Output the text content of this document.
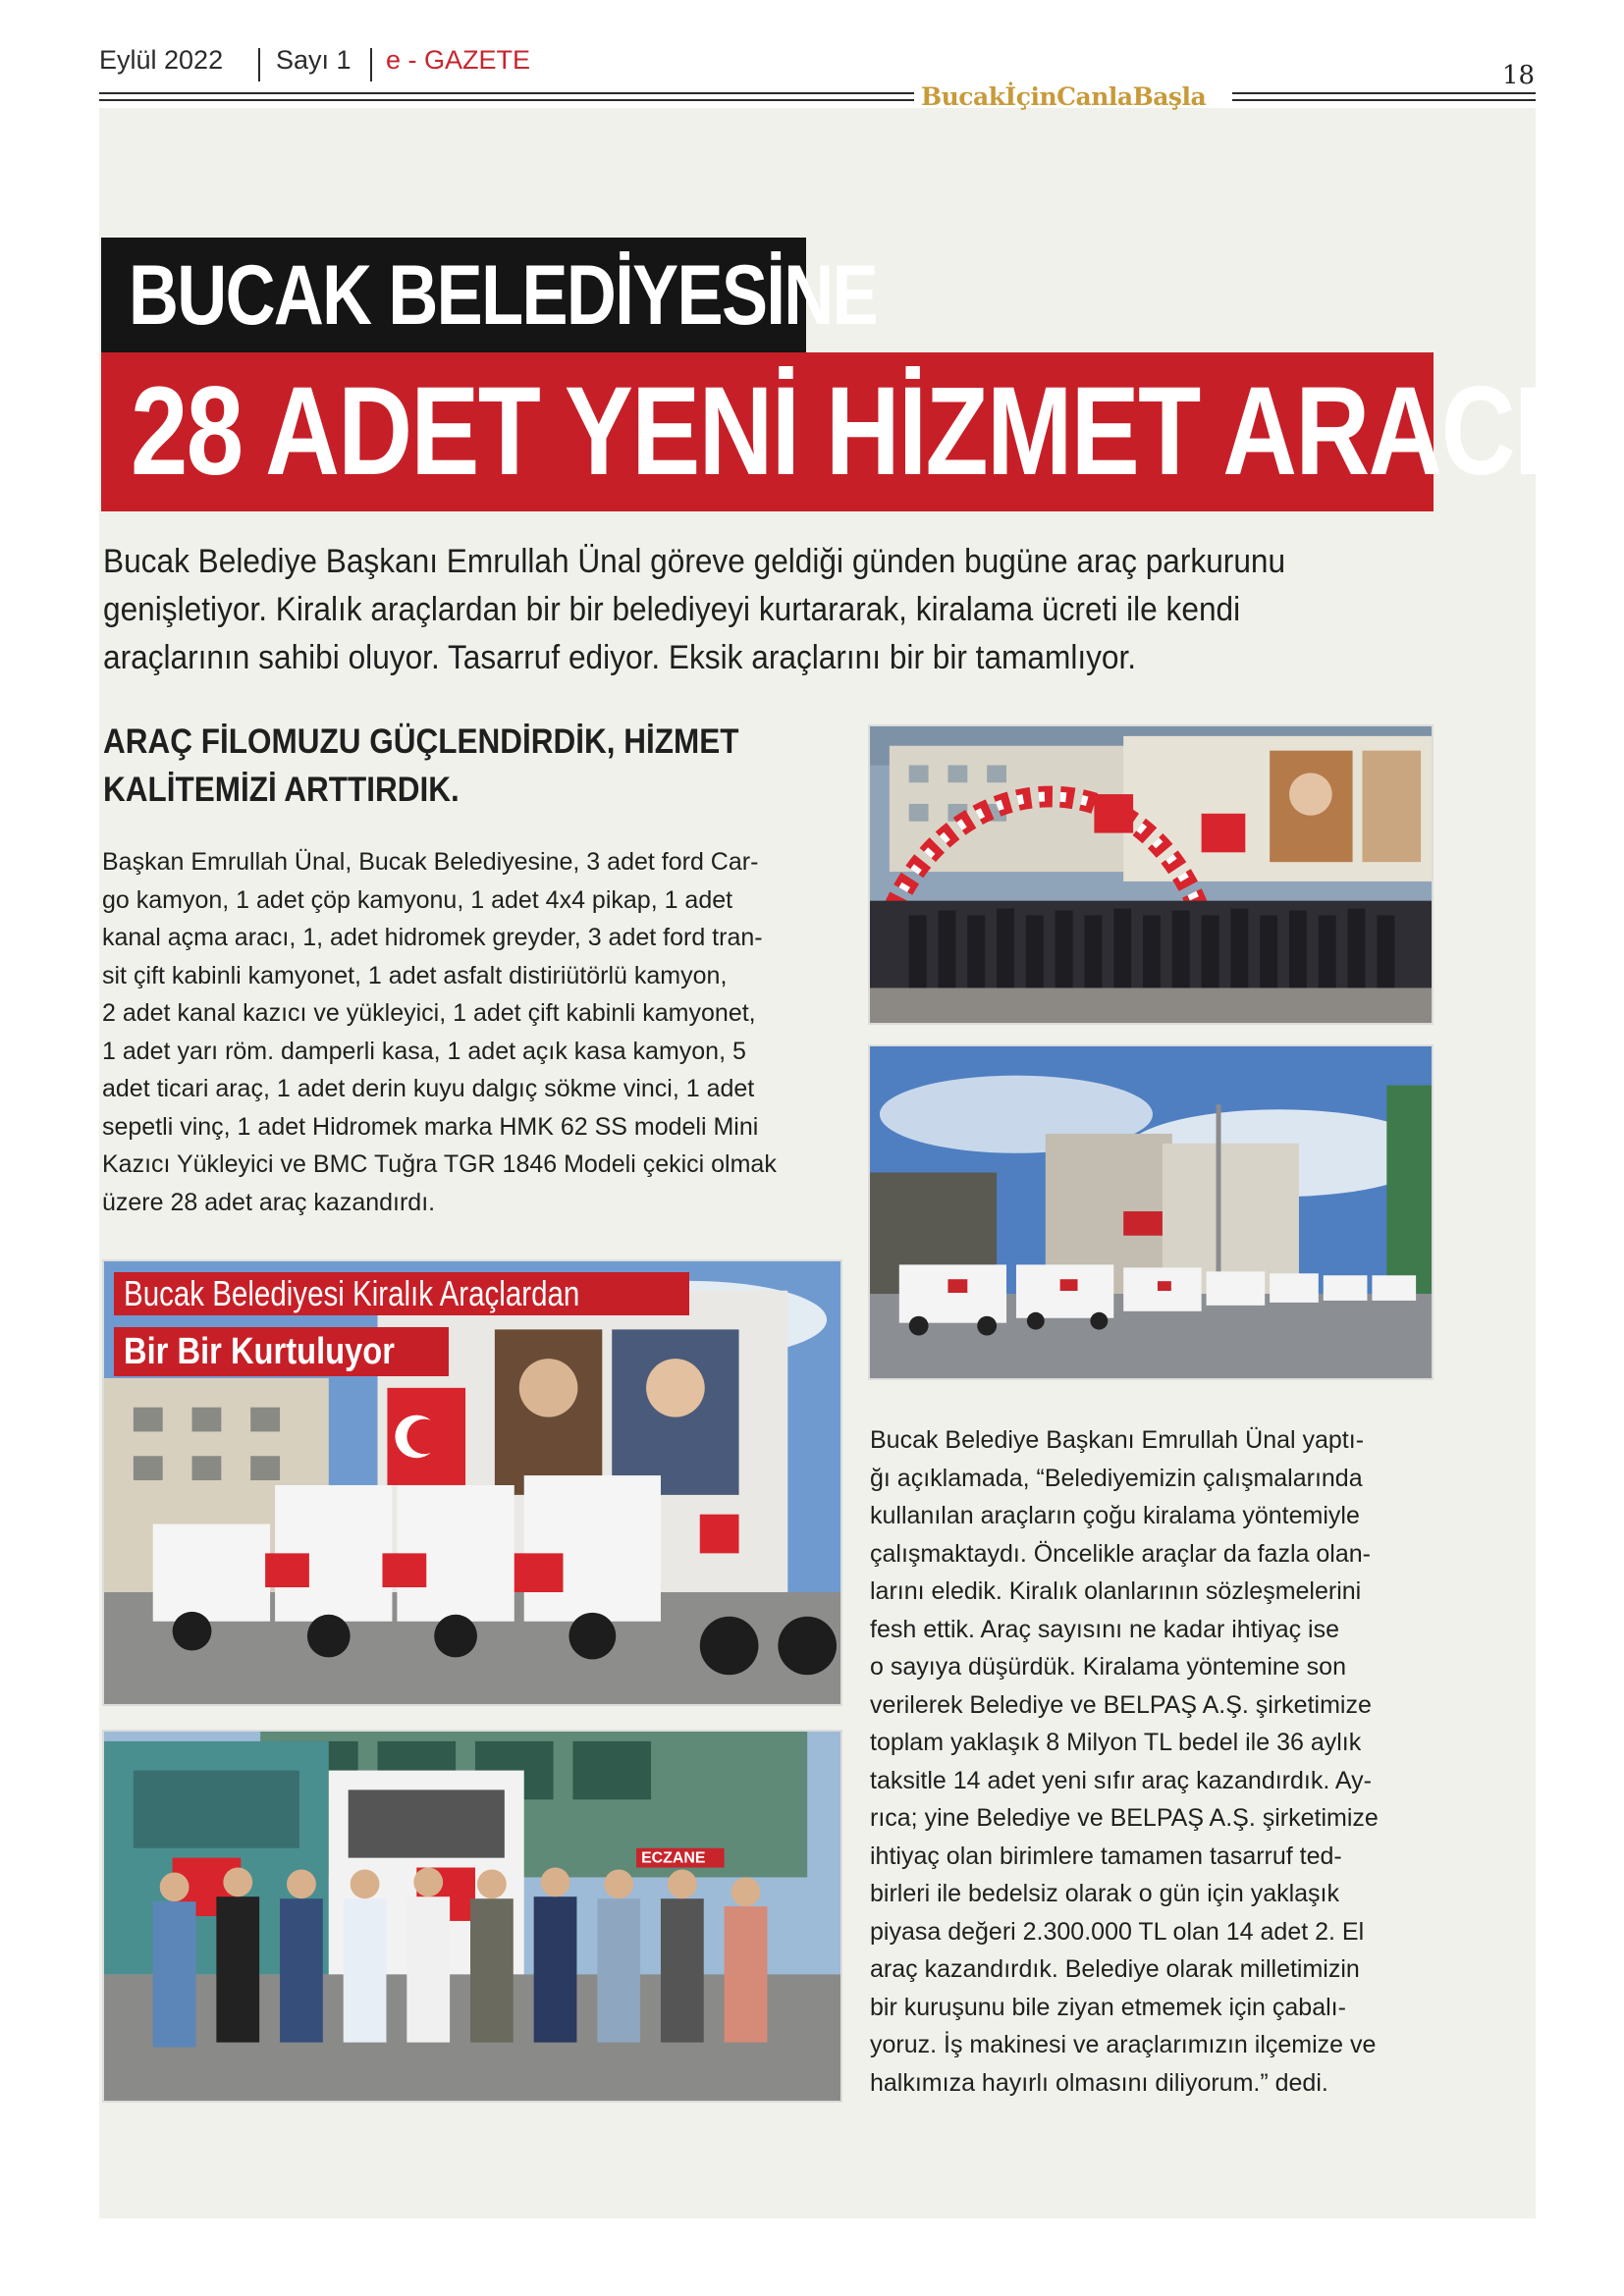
Eylül 2022 Sayı 1 e - GAZETE
BucakİçinCanlaBaşla
18
BUCAK BELEDİYESİNE
28 ADET YENİ HİZMET ARACI
Bucak Belediye Başkanı Emrullah Ünal göreve geldiği günden bugüne araç parkurunu
genişletiyor. Kiralık araçlardan bir bir belediyeyi kurtararak, kiralama ücreti ile kendi
araçlarının sahibi oluyor. Tasarruf ediyor. Eksik araçlarını bir bir tamamlıyor.
ARAÇ FİLOMUZU GÜÇLENDİRDİK, HİZMET
KALİTEMİZİ ARTTIRDIK.
Başkan Emrullah Ünal, Bucak Belediyesine, 3 adet ford Car-
go kamyon, 1 adet çöp kamyonu, 1 adet 4x4 pikap, 1 adet
kanal açma aracı, 1, adet hidromek greyder, 3 adet ford tran-
sit çift kabinli kamyonet, 1 adet asfalt distiriütörlü kamyon,
2 adet kanal kazıcı ve yükleyici, 1 adet çift kabinli kamyonet,
1 adet yarı röm. damperli kasa, 1 adet açık kasa kamyon, 5
adet ticari araç, 1 adet derin kuyu dalgıç sökme vinci, 1 adet
sepetli vinç, 1 adet Hidromek marka HMK 62 SS modeli Mini
Kazıcı Yükleyici ve BMC Tuğra TGR 1846 Modeli çekici olmak
üzere 28 adet araç kazandırdı.
Bucak Belediyesi Kiralık Araçlardan
Bir Bir Kurtuluyor
ECZANE
Bucak Belediye Başkanı Emrullah Ünal yaptı-
ğı açıklamada, “Belediyemizin çalışmalarında
kullanılan araçların çoğu kiralama yöntemiyle
çalışmaktaydı. Öncelikle araçlar da fazla olan-
larını eledik. Kiralık olanlarının sözleşmelerini
fesh ettik. Araç sayısını ne kadar ihtiyaç ise
o sayıya düşürdük. Kiralama yöntemine son
verilerek Belediye ve BELPAŞ A.Ş. şirketimize
toplam yaklaşık 8 Milyon TL bedel ile 36 aylık
taksitle 14 adet yeni sıfır araç kazandırdık. Ay-
rıca; yine Belediye ve BELPAŞ A.Ş. şirketimize
ihtiyaç olan birimlere tamamen tasarruf ted-
birleri ile bedelsiz olarak o gün için yaklaşık
piyasa değeri 2.300.000 TL olan 14 adet 2. El
araç kazandırdık. Belediye olarak milletimizin
bir kuruşunu bile ziyan etmemek için çabalı-
yoruz. İş makinesi ve araçlarımızın ilçemize ve
halkımıza hayırlı olmasını diliyorum.” dedi.
